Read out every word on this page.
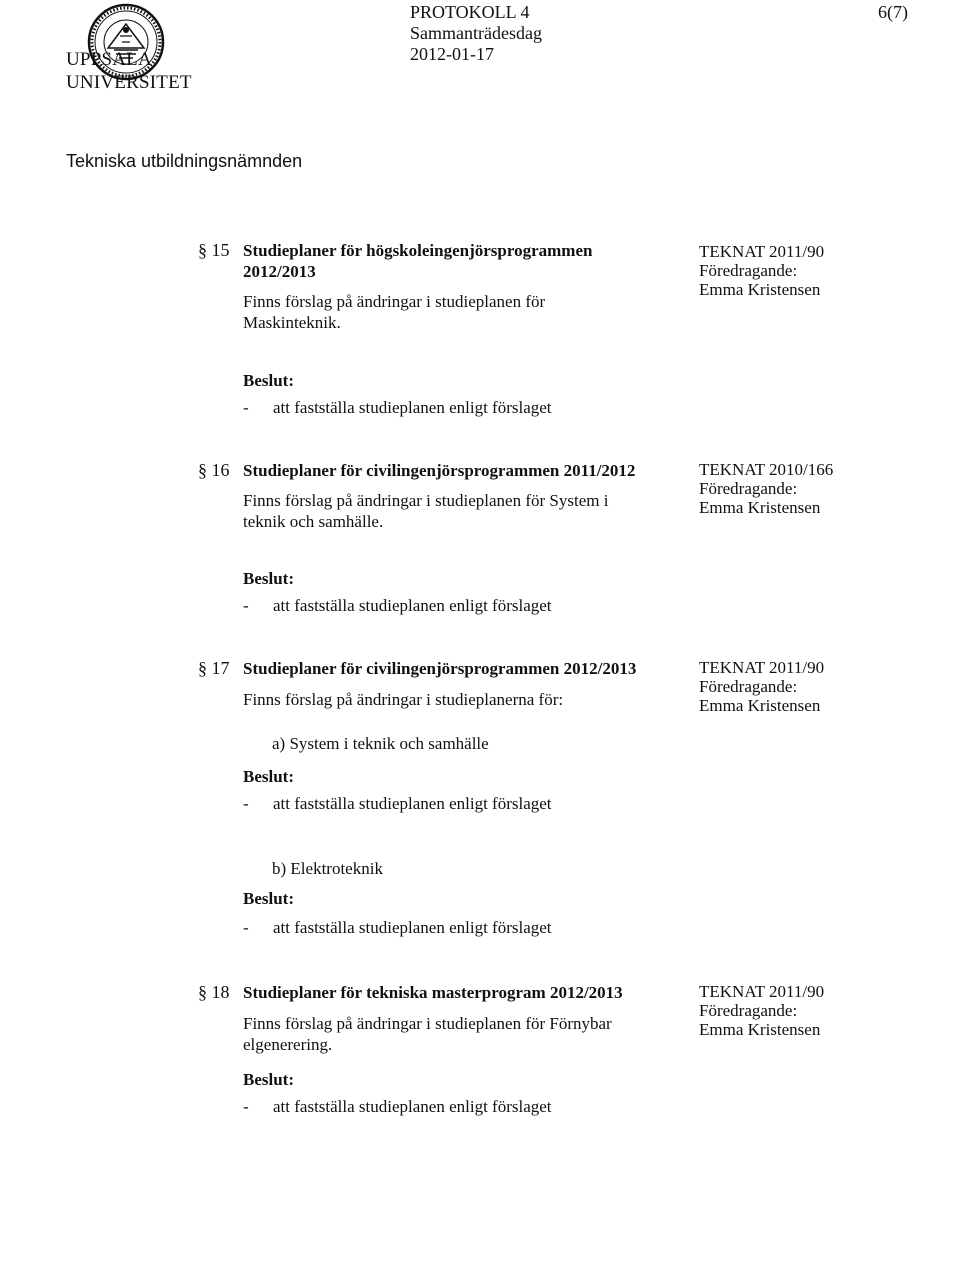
UPPSALA
UNIVERSITET
PROTOKOLL 4
Sammanträdesdag
2012-01-17
6(7)
Tekniska utbildningsnämnden
§ 15 Studieplaner för högskoleingenjörsprogrammen
2012/2013
Finns förslag på ändringar i studieplanen för
Maskinteknik.
TEKNAT 2011/90
Föredragande:
Emma Kristensen
Beslut:
- att fastställa studieplanen enligt förslaget
§ 16 Studieplaner för civilingenjörsprogrammen 2011/2012
Finns förslag på ändringar i studieplanen för System i
teknik och samhälle.
TEKNAT 2010/166
Föredragande:
Emma Kristensen
Beslut:
- att fastställa studieplanen enligt förslaget
§ 17 Studieplaner för civilingenjörsprogrammen 2012/2013
Finns förslag på ändringar i studieplanerna för:
TEKNAT 2011/90
Föredragande:
Emma Kristensen
a) System i teknik och samhälle
Beslut:
- att fastställa studieplanen enligt förslaget
b) Elektroteknik
Beslut:
- att fastställa studieplanen enligt förslaget
§ 18 Studieplaner för tekniska masterprogram 2012/2013
Finns förslag på ändringar i studieplanen för Förnybar
elgenerering.
TEKNAT 2011/90
Föredragande:
Emma Kristensen
Beslut:
- att fastställa studieplanen enligt förslaget
